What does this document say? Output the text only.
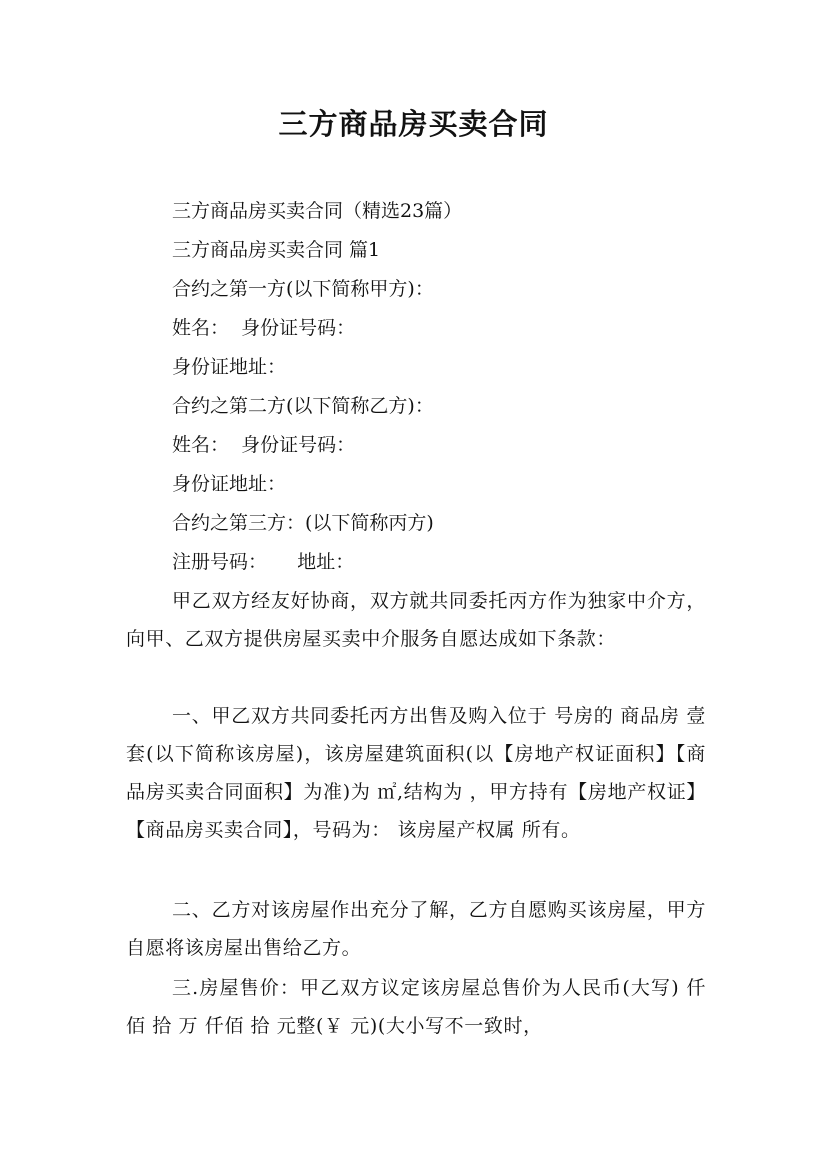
三方商品房买卖合同

三方商品房买卖合同（精选23篇）

三方商品房买卖合同 篇1

合约之第一方(以下简称甲方)：

姓名：  身份证号码：

身份证地址：

合约之第二方(以下简称乙方)：

姓名：  身份证号码：

身份证地址：

合约之第三方：(以下简称丙方)

注册号码：     地址：

甲乙双方经友好协商，双方就共同委托丙方作为独家中介方，向甲、乙双方提供房屋买卖中介服务自愿达成如下条款：

一、甲乙双方共同委托丙方出售及购入位于 号房的 商品房 壹套(以下简称该房屋)，该房屋建筑面积(以【房地产权证面积】【商品房买卖合同面积】为准)为 ㎡,结构为 ，甲方持有【房地产权证】【商品房买卖合同】，号码为： 该房屋产权属 所有。

二、乙方对该房屋作出充分了解，乙方自愿购买该房屋，甲方自愿将该房屋出售给乙方。

三.房屋售价：甲乙双方议定该房屋总售价为人民币(大写) 仟 佰 拾 万 仟佰 拾 元整(￥ 元)(大小写不一致时，
